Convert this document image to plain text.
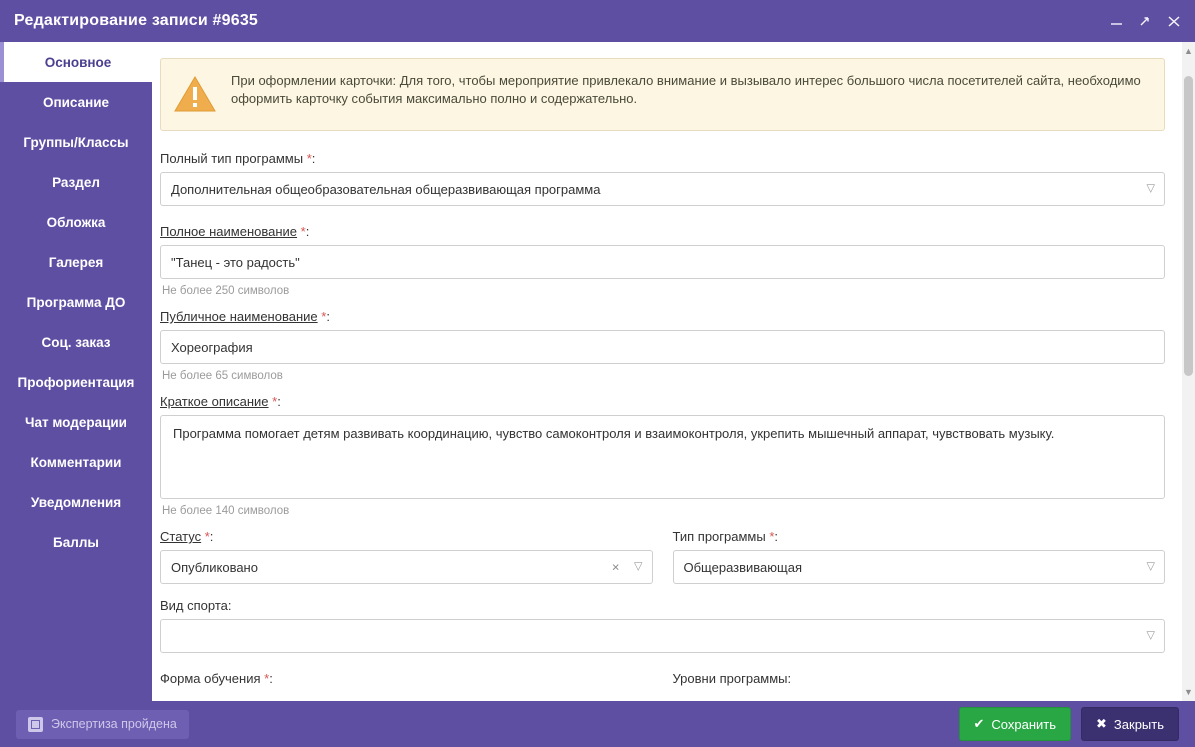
Редактирование записи #9635
Основное
Описание
Группы/Классы
Раздел
Обложка
Галерея
Программа ДО
Соц. заказ
Профориентация
Чат модерации
Комментарии
Уведомления
Баллы
При оформлении карточки: Для того, чтобы мероприятие привлекало внимание и вызывало интерес большого числа посетителей сайта, необходимо оформить карточку события максимально полно и содержательно.
Полный тип программы *:
Дополнительная общеобразовательная общеразвивающая программа	▽
Полное наименование *:
"Танец - это радость"
Не более 250 символов
Публичное наименование *:
Хореография
Не более 65 символов
Краткое описание *:
Программа помогает детям развивать координацию, чувство самоконтроля и взаимоконтроля, укрепить мышечный аппарат, чувствовать музыку.
Не более 140 символов
Статус *:
Опубликовано	× ▽
Тип программы *:
Общеразвивающая	▽
Вид спорта:
▽
Форма обучения *:	Уровни программы:
▲
▼
Экспертиза пройдена	✔ Сохранить	✖ Закрыть
